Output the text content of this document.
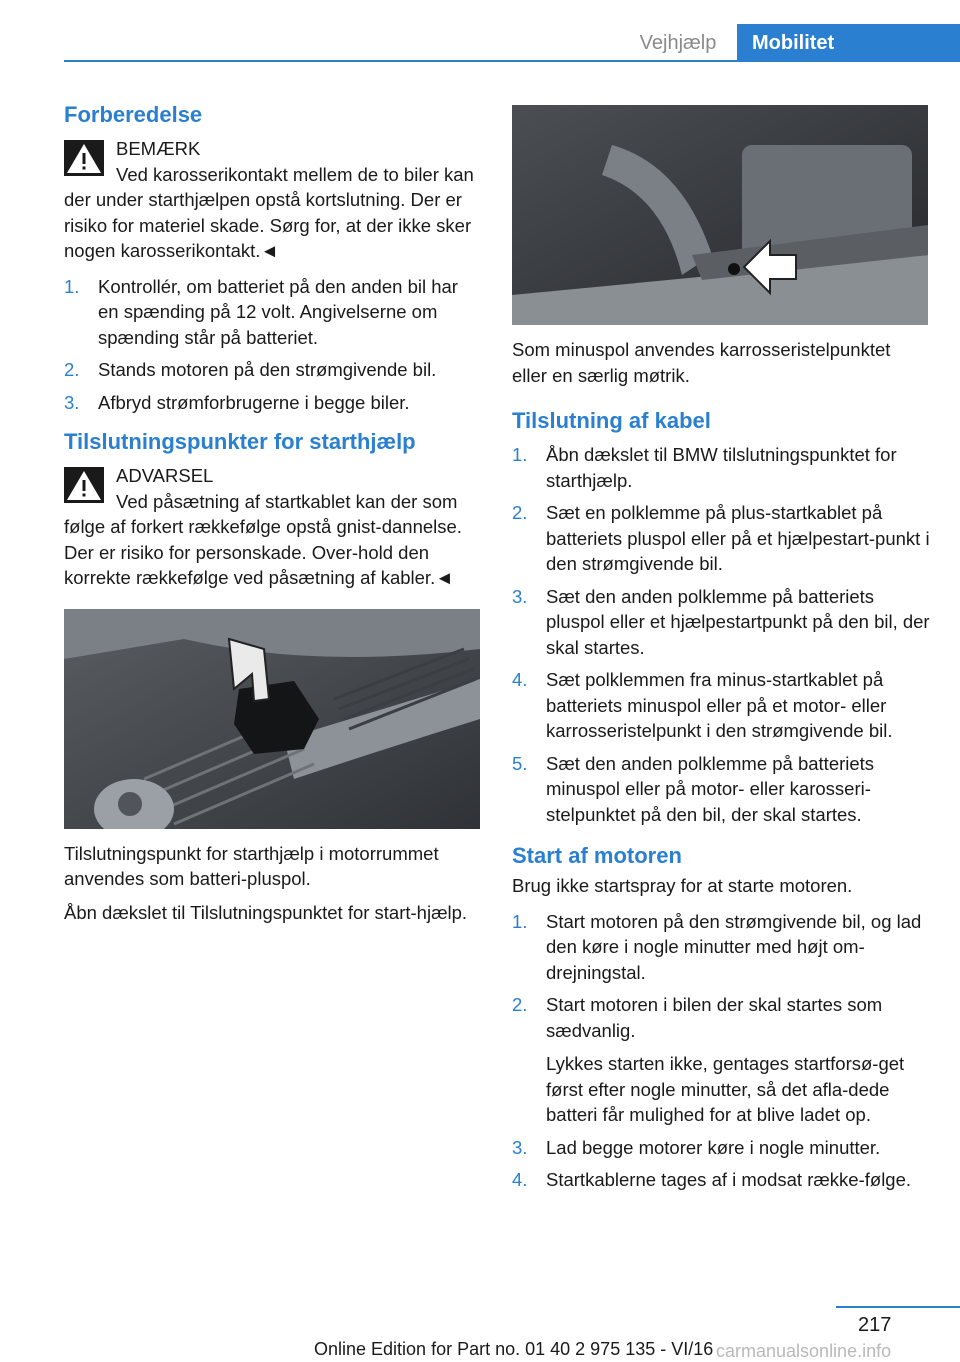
Vejhjælp	Mobilitet
Forberedelse
BEMÆRK
Ved karosserikontakt mellem de to biler kan der under starthjælpen opstå kortslutning. Der er risiko for materiel skade. Sørg for, at der ikke sker nogen karosserikontakt.◄
1. Kontrollér, om batteriet på den anden bil har en spænding på 12 volt. Angivelserne om spænding står på batteriet.
2. Stands motoren på den strømgivende bil.
3. Afbryd strømforbrugerne i begge biler.
Tilslutningspunkter for starthjælp
ADVARSEL
Ved påsætning af startkablet kan der som følge af forkert rækkefølge opstå gnist-dannelse. Der er risiko for personskade. Over-hold den korrekte rækkefølge ved påsætning af kabler.◄

Tilslutningspunkt for starthjælp i motorrummet anvendes som batteri-pluspol.

Åbn dækslet til Tilslutningspunktet for start-hjælp.

Som minuspol anvendes karrosseristelpunktet eller en særlig møtrik.

Tilslutning af kabel
1. Åbn dækslet til BMW tilslutningspunktet for starthjælp.
2. Sæt en polklemme på plus-startkablet på batteriets pluspol eller på et hjælpestart-punkt i den strømgivende bil.
3. Sæt den anden polklemme på batteriets pluspol eller et hjælpestartpunkt på den bil, der skal startes.
4. Sæt polklemmen fra minus-startkablet på batteriets minuspol eller på et motor- eller karrosseristelpunkt i den strømgivende bil.
5. Sæt den anden polklemme på batteriets minuspol eller på motor- eller karosseri-stelpunktet på den bil, der skal startes.
Start af motoren

Brug ikke startspray for at starte motoren.

1. Start motoren på den strømgivende bil, og lad den køre i nogle minutter med højt om-drejningstal.
2. Start motoren i bilen der skal startes som sædvanlig.
Lykkes starten ikke, gentages startforsø-get først efter nogle minutter, så det afla-dede batteri får mulighed for at blive ladet op.
3. Lad begge motorer køre i nogle minutter.
4. Startkablerne tages af i modsat række-følge.
217
Online Edition for Part no. 01 40 2 975 135 - VI/16 carmanualsonline.info
